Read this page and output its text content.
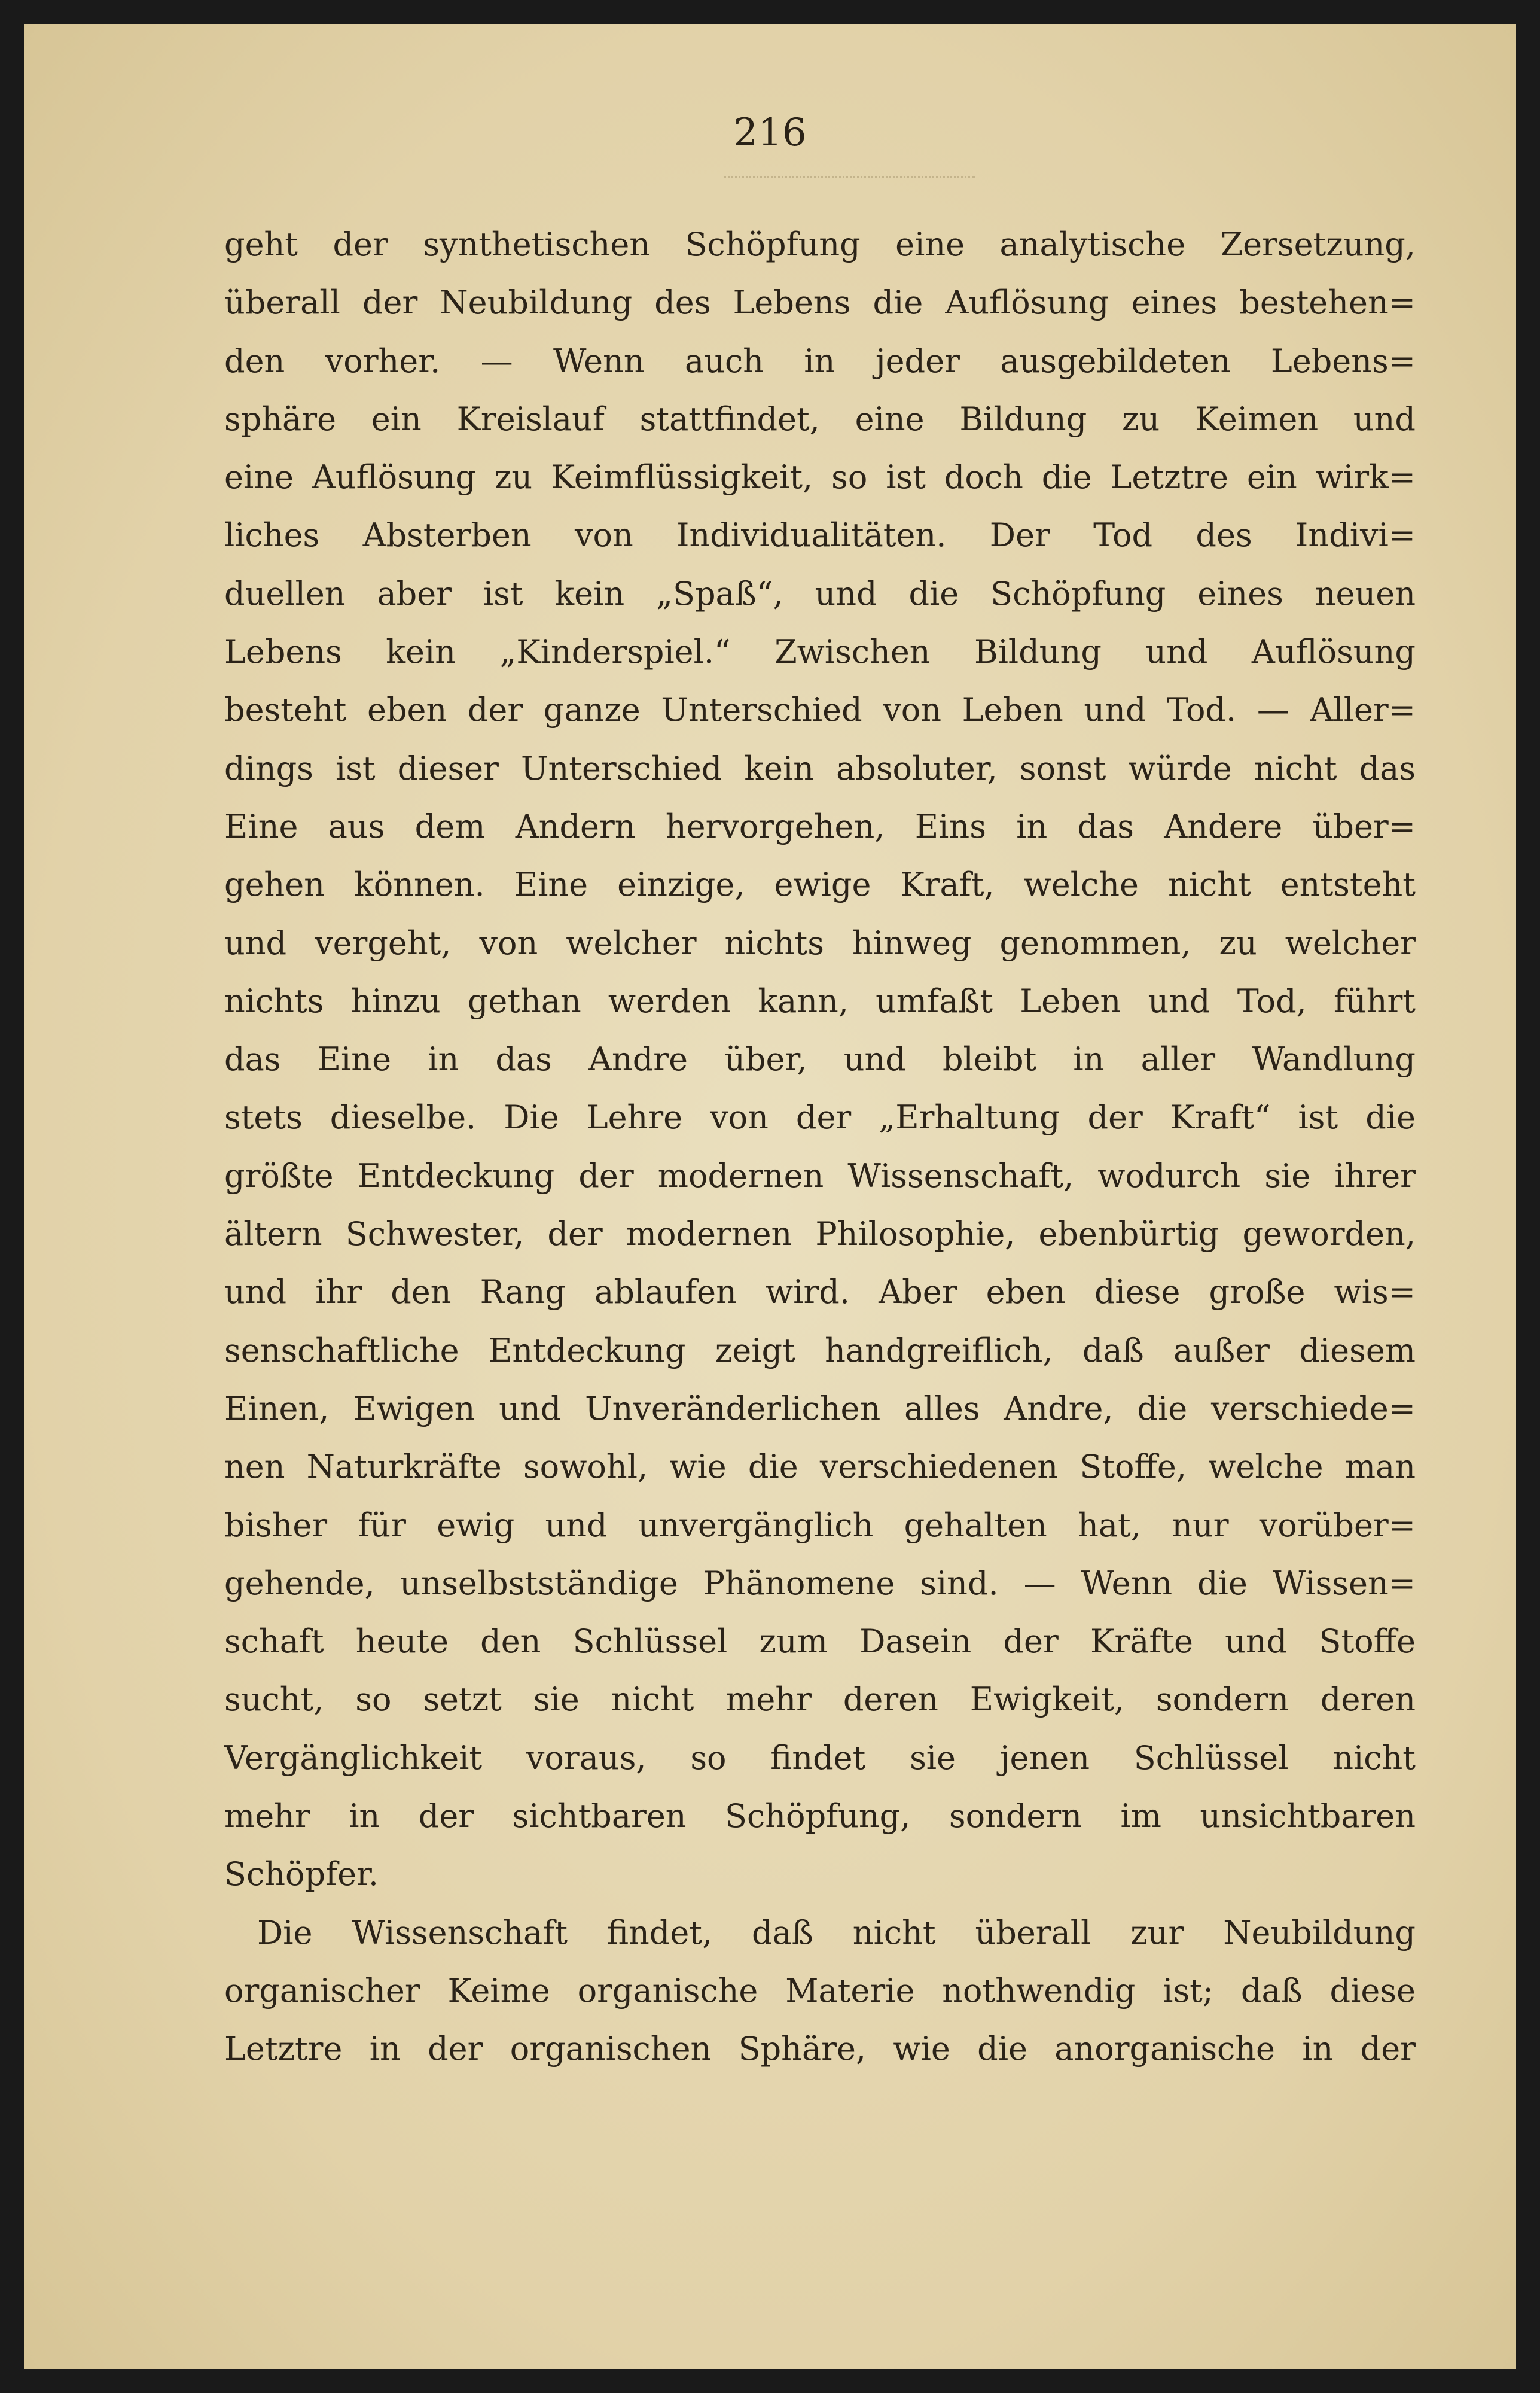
216
geht der synthetischen Schöpfung eine analytische Zersetzung,
überall der Neubildung des Lebens die Auflösung eines bestehen=
den vorher. — Wenn auch in jeder ausgebildeten Lebens=
sphäre ein Kreislauf stattfindet, eine Bildung zu Keimen und
eine Auflösung zu Keimflüssigkeit, so ist doch die Letztre ein wirk=
liches Absterben von Individualitäten. Der Tod des Indivi=
duellen aber ist kein „Spaß“, und die Schöpfung eines neuen
Lebens kein „Kinderspiel.“ Zwischen Bildung und Auflösung
besteht eben der ganze Unterschied von Leben und Tod. — Aller=
dings ist dieser Unterschied kein absoluter, sonst würde nicht das
Eine aus dem Andern hervorgehen, Eins in das Andere über=
gehen können. Eine einzige, ewige Kraft, welche nicht entsteht
und vergeht, von welcher nichts hinweg genommen, zu welcher
nichts hinzu gethan werden kann, umfaßt Leben und Tod, führt
das Eine in das Andre über, und bleibt in aller Wandlung
stets dieselbe. Die Lehre von der „Erhaltung der Kraft“ ist die
größte Entdeckung der modernen Wissenschaft, wodurch sie ihrer
ältern Schwester, der modernen Philosophie, ebenbürtig geworden,
und ihr den Rang ablaufen wird. Aber eben diese große wis=
senschaftliche Entdeckung zeigt handgreiflich, daß außer diesem
Einen, Ewigen und Unveränderlichen alles Andre, die verschiede=
nen Naturkräfte sowohl, wie die verschiedenen Stoffe, welche man
bisher für ewig und unvergänglich gehalten hat, nur vorüber=
gehende, unselbstständige Phänomene sind. — Wenn die Wissen=
schaft heute den Schlüssel zum Dasein der Kräfte und Stoffe
sucht, so setzt sie nicht mehr deren Ewigkeit, sondern deren
Vergänglichkeit voraus, so findet sie jenen Schlüssel nicht
mehr in der sichtbaren Schöpfung, sondern im unsichtbaren
Schöpfer.
Die Wissenschaft findet, daß nicht überall zur Neubildung
organischer Keime organische Materie nothwendig ist; daß diese
Letztre in der organischen Sphäre, wie die anorganische in der
